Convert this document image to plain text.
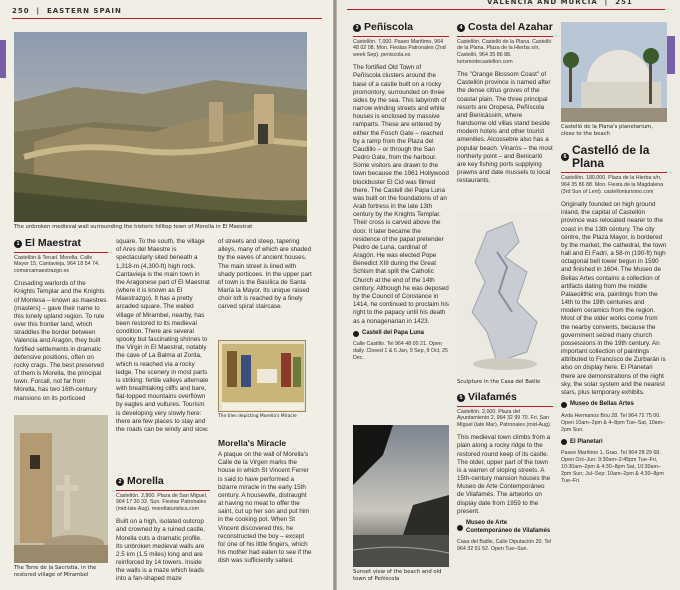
250  |  EASTERN SPAIN
The unbroken medieval wall surrounding the historic hilltop town of Morella in El Maestrat
1 El Maestrat
Castellón & Teruel. Morella. Calle Mayor 15, Cantavieja, 964 18 54 74. comarcamaestrazgo.es

Crusading warlords of the Knights Templar and the Knights of Montesa – known as maestres (masters) – gave their name to this lonely upland region. To rule over this frontier land, which straddles the border between Valencia and Aragón, they built fortified settlements in dramatic defensive positions, often on rocky crags. The best preserved of them is Morella, the principal town. Forcall, not far from Morella, has two 16th-century mansions on its porticoed

The Torre de la Sacristía, in the restored village of Mirambel

square. To the south, the village of Ares del Maestre is spectacularly sited beneath a 1,318-m (4,300-ft) high rock. Cantavieja is the main town in the Aragonese part of El Maestrat (where it is known as El Maestrazgo). It has a pretty arcaded square. The walled village of Mirambel, nearby, has been restored to its medieval condition. There are several spooky but fascinating shrines to the Virgin in El Maestrat, notably the cave of La Balma at Zorita, which is reached via a rocky ledge. The scenery in most parts is striking: fertile valleys alternate with breathtaking cliffs and bare, flat-topped mountains overflown by eagles and vultures. Tourism is developing very slowly here: there are few places to stay and the roads can be windy and slow.

2 Morella
Castellón. 2,800. Plaza de San Miguel, 964 17 30 32. Sun. Fiestas Patronales (mid-late Aug). morellaturistica.com

Built on a high, isolated outcrop and crowned by a ruined castle, Morella cuts a dramatic profile. Its unbroken medieval walls are 2.5 km (1.5 miles) long and are reinforced by 14 towers. Inside the walls is a maze which leads into a fan-shaped maze

of streets and steep, tapering alleys, many of which are shaded by the eaves of ancient houses. The main street is lined with shady porticoes. In the upper part of town is the Basílica de Santa María la Mayor. Its unique raised choir loft is reached by a finely carved spiral staircase.

The tiles depicting Morella's Miracle
Morella's Miracle

A plaque on the wall of Morella's Calle de la Virgen marks the house in which St Vincent Ferrer is said to have performed a bizarre miracle in the early 15th century. A housewife, distraught at having no meat to offer the saint, cut up her son and put him in the cooking pot. When St Vincent discovered this, he reconstructed the boy – except for one of his little fingers, which his mother had eaten to see if the dish was sufficiently salted.

VALENCIA AND MURCIA  |  251
3 Peñíscola
Castellón. 7,000. Paseo Marítimo, 964 48 02 08. Mon. Fiestas Patronales (2nd week Sep). peniscola.es

The fortified Old Town of Peñíscola clusters around the base of a castle built on a rocky promontory, surrounded on three sides by the sea. This labyrinth of narrow winding streets and white houses is enclosed by massive ramparts. These are entered by either the Fosch Gate – reached by a ramp from the Plaza del Caudillo – or through the San Pedro Gate, from the harbour. Some visitors are drawn to the town because the 1961 Hollywood blockbuster El Cid was filmed there. The Castell del Papa Luna was built on the foundations of an Arab fortress in the late 13th century by the Knights Templar. Their cross is carved above the door. It later became the residence of the papal pretender Pedro de Luna, cardinal of Aragón. He was elected Pope Benedict XIII during the Great Schism that split the Catholic Church at the end of the 14th century. Although he was deposed by the Council of Constance in 1414, he continued to proclaim his right to the papacy until his death as a nonagenarian in 1423.

Castell del Papa Luna
Calle Castillo. Tel 964 48 00 21. Open daily. Closed 1 & 6 Jan, 9 Sep, 9 Oct, 25 Dec.
4 Costa del Azahar
Castellón. Castelló de la Plana. Castelló de la Plana. Plaza de la Hierba s/n, Castelló, 964 35 86 88. turismodecastellon.com

The "Orange Blossom Coast" of Castellón province is named after the dense citrus groves of the coastal plain. The three principal resorts are Oropesa, Peñíscola and Benicàssim, where handsome old villas stand beside modern hotels and other tourist amenities. Alcossebre also has a popular beach. Vinaròs – the most northerly point – and Benicarló are key fishing ports supplying prawns and date mussels to local restaurants.

Sculpture in the Casa del Batlle
5 Vilafamés
Castellón. 2,000. Plaza del Ayuntamiento 2, 964 32 99 70. Fri. San Miguel (late Mar), Patronales (mid-Aug).

This medieval town climbs from a plain along a rocky ridge to the restored round keep of its castle. The older, upper part of the town is a warren of sloping streets. A 15th-century mansion houses the Museo de Arte Contemporáneo de Vilafamés. The artworks on display date from 1959 to the present.

Museo de Arte Contemporáneo de Vilafamés
Casa del Batlle, Calle Diputación 20. Tel 964 32 91 52. Open Tue–Sun.
Sunset view of the beach and old town of Peñíscola
Castelló de la Plana's planetarium, close to the beach
6
Castelló de la Plana
Castellón. 180,000. Plaza de la Hierba s/n, 964 35 86 88. Mon. Fiesta de la Magdalena (3rd Sun of Lent). castellonturismo.com

Originally founded on high ground inland, the capital of Castellón province was relocated nearer to the coast in the 13th century. The city centre, the Plaza Mayor, is bordered by the market, the cathedral, the town hall and El Fadrí, a 58-m (190-ft) high octagonal bell tower begun in 1590 and finished in 1604. The Museo de Bellas Artes contains a collection of artifacts dating from the middle Palaeolithic era, paintings from the 14th to the 19th centuries and modern ceramics from the region. Most of the older works come from the nearby convents, because the government seized many church possessions in the 19th century. An important collection of paintings attributed to Francisco de Zurbarán is also on display here. El Planetari there are demonstrations of the night sky, the solar system and the nearest stars, plus temporary exhibits.

Museo de Bellas Artes
Avda Hermanos Bou 28. Tel 964 72 75 00. Open 10am–2pm & 4–8pm Tue–Sat, 10am–2pm Sun.
El Planetari
Paseo Marítimo 1, Grao. Tel 964 28 29 68. Open Oct–Jun: 9:30am–2:45pm Tue–Fri, 10:30am–2pm & 4:30–8pm Sat, 10:30am–2pm Sun; Jul–Sep: 10am–2pm & 4:30–8pm Tue–Fri.
